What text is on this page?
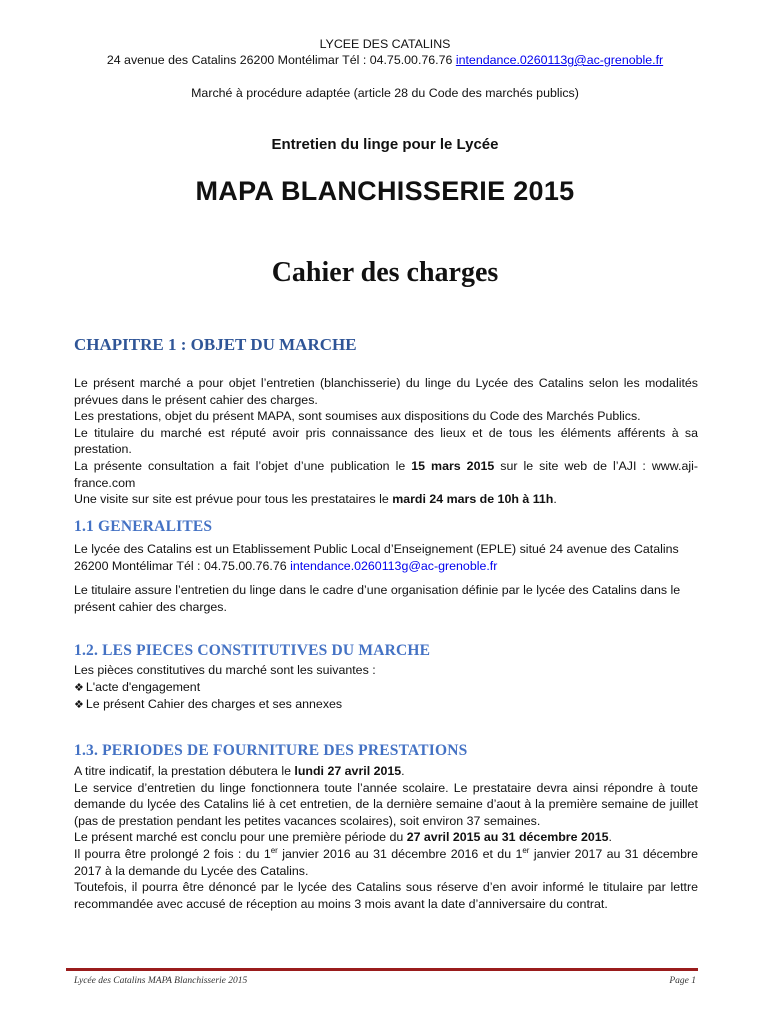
LYCEE DES CATALINS
24 avenue des Catalins 26200 Montélimar Tél : 04.75.00.76.76 intendance.0260113g@ac-grenoble.fr
Marché à procédure adaptée (article 28 du Code des marchés publics)
Entretien du linge pour le Lycée
MAPA BLANCHISSERIE 2015
Cahier des charges
CHAPITRE 1 : OBJET DU MARCHE

Le présent marché a pour objet l’entretien (blanchisserie) du linge du Lycée des Catalins selon les modalités prévues dans le présent cahier des charges.

Les prestations, objet du présent MAPA, sont soumises aux dispositions du Code des Marchés Publics.

Le titulaire du marché est réputé avoir pris connaissance des lieux et de tous les éléments afférents à sa prestation.

La présente consultation a fait l’objet d’une publication le 15 mars 2015 sur le site web de l’AJI : www.aji-france.com

Une visite sur site est prévue pour tous les prestataires le mardi 24 mars de 10h à 11h.

1.1 GENERALITES

Le lycée des Catalins est un Etablissement Public Local d’Enseignement (EPLE) situé 24 avenue des Catalins 26200 Montélimar Tél : 04.75.00.76.76 intendance.0260113g@ac-grenoble.fr

Le titulaire assure l’entretien du linge dans le cadre d’une organisation définie par le lycée des Catalins dans le présent cahier des charges.

1.2. LES PIECES CONSTITUTIVES DU MARCHE

Les pièces constitutives du marché sont les suivantes :

❖ L'acte d'engagement

❖ Le présent Cahier des charges et ses annexes

1.3. PERIODES DE FOURNITURE DES PRESTATIONS

A titre indicatif, la prestation débutera le lundi 27 avril 2015.

Le service d’entretien du linge fonctionnera toute l’année scolaire. Le prestataire devra ainsi répondre à toute demande du lycée des Catalins lié à cet entretien, de la dernière semaine d’aout à la première semaine de juillet (pas de prestation pendant les petites vacances scolaires), soit environ 37 semaines.

Le présent marché est conclu pour une première période du 27 avril 2015 au 31 décembre 2015.

Il pourra être prolongé 2 fois : du 1er janvier 2016 au 31 décembre 2016 et du 1er janvier 2017 au 31 décembre 2017 à la demande du Lycée des Catalins.

Toutefois, il pourra être dénoncé par le lycée des Catalins sous réserve d’en avoir informé le titulaire par lettre recommandée avec accusé de réception au moins 3 mois avant la date d’anniversaire du contrat.

Lycée des Catalins MAPA Blanchisserie 2015	Page 1
